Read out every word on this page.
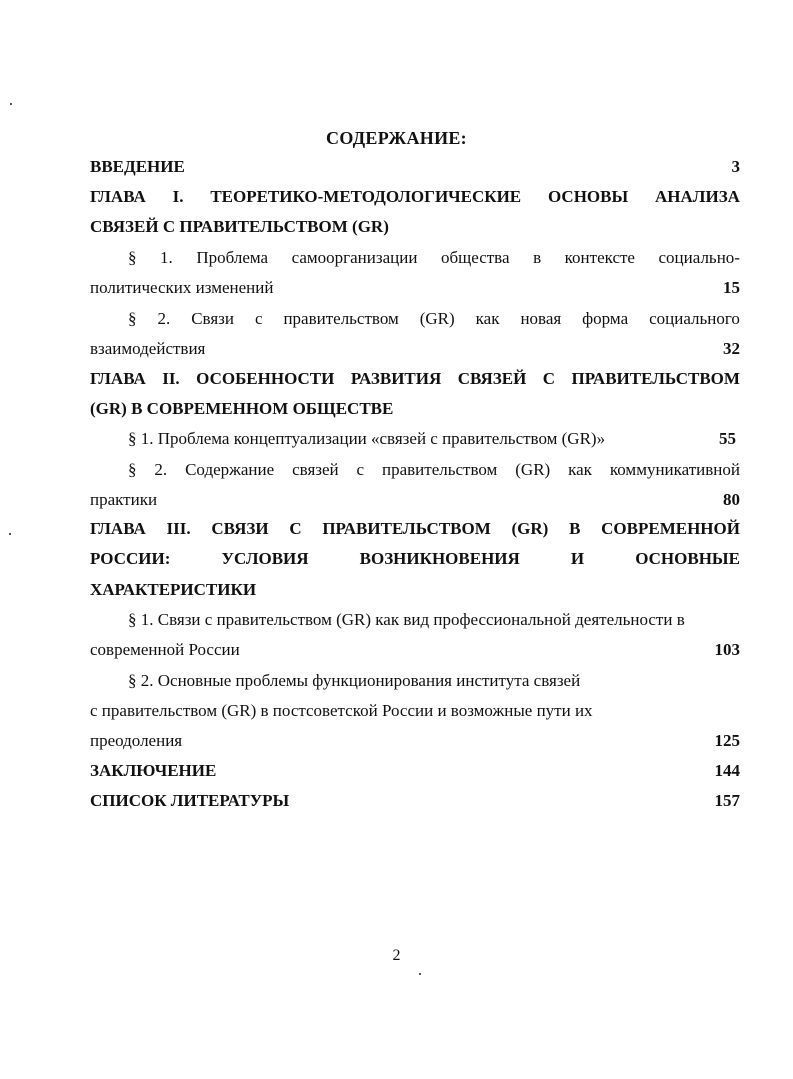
СОДЕРЖАНИЕ:
ВВЕДЕНИЕ	3
ГЛАВА I. ТЕОРЕТИКО-МЕТОДОЛОГИЧЕСКИЕ ОСНОВЫ АНАЛИЗА
СВЯЗЕЙ С ПРАВИТЕЛЬСТВОМ (GR)
§ 1. Проблема самоорганизации общества в контексте социально-
политических изменений	15
§ 2. Связи с правительством (GR) как новая форма социального
взаимодействия	32
ГЛАВА II. ОСОБЕННОСТИ РАЗВИТИЯ СВЯЗЕЙ С ПРАВИТЕЛЬСТВОМ
(GR) В СОВРЕМЕННОМ ОБЩЕСТВЕ
§ 1. Проблема концептуализации «связей с правительством (GR)»	55
§ 2. Содержание связей с правительством (GR) как коммуникативной
практики	80
ГЛАВА III. СВЯЗИ С ПРАВИТЕЛЬСТВОМ (GR) В СОВРЕМЕННОЙ
РОССИИ:	УСЛОВИЯ	ВОЗНИКНОВЕНИЯ	И	ОСНОВНЫЕ
ХАРАКТЕРИСТИКИ
§ 1. Связи с правительством (GR) как вид профессиональной деятельности в
современной России	103
§ 2. Основные проблемы функционирования института связей
с правительством (GR) в постсоветской России и возможные пути их
преодоления	125
ЗАКЛЮЧЕНИЕ	144
СПИСОК ЛИТЕРАТУРЫ	157
2
